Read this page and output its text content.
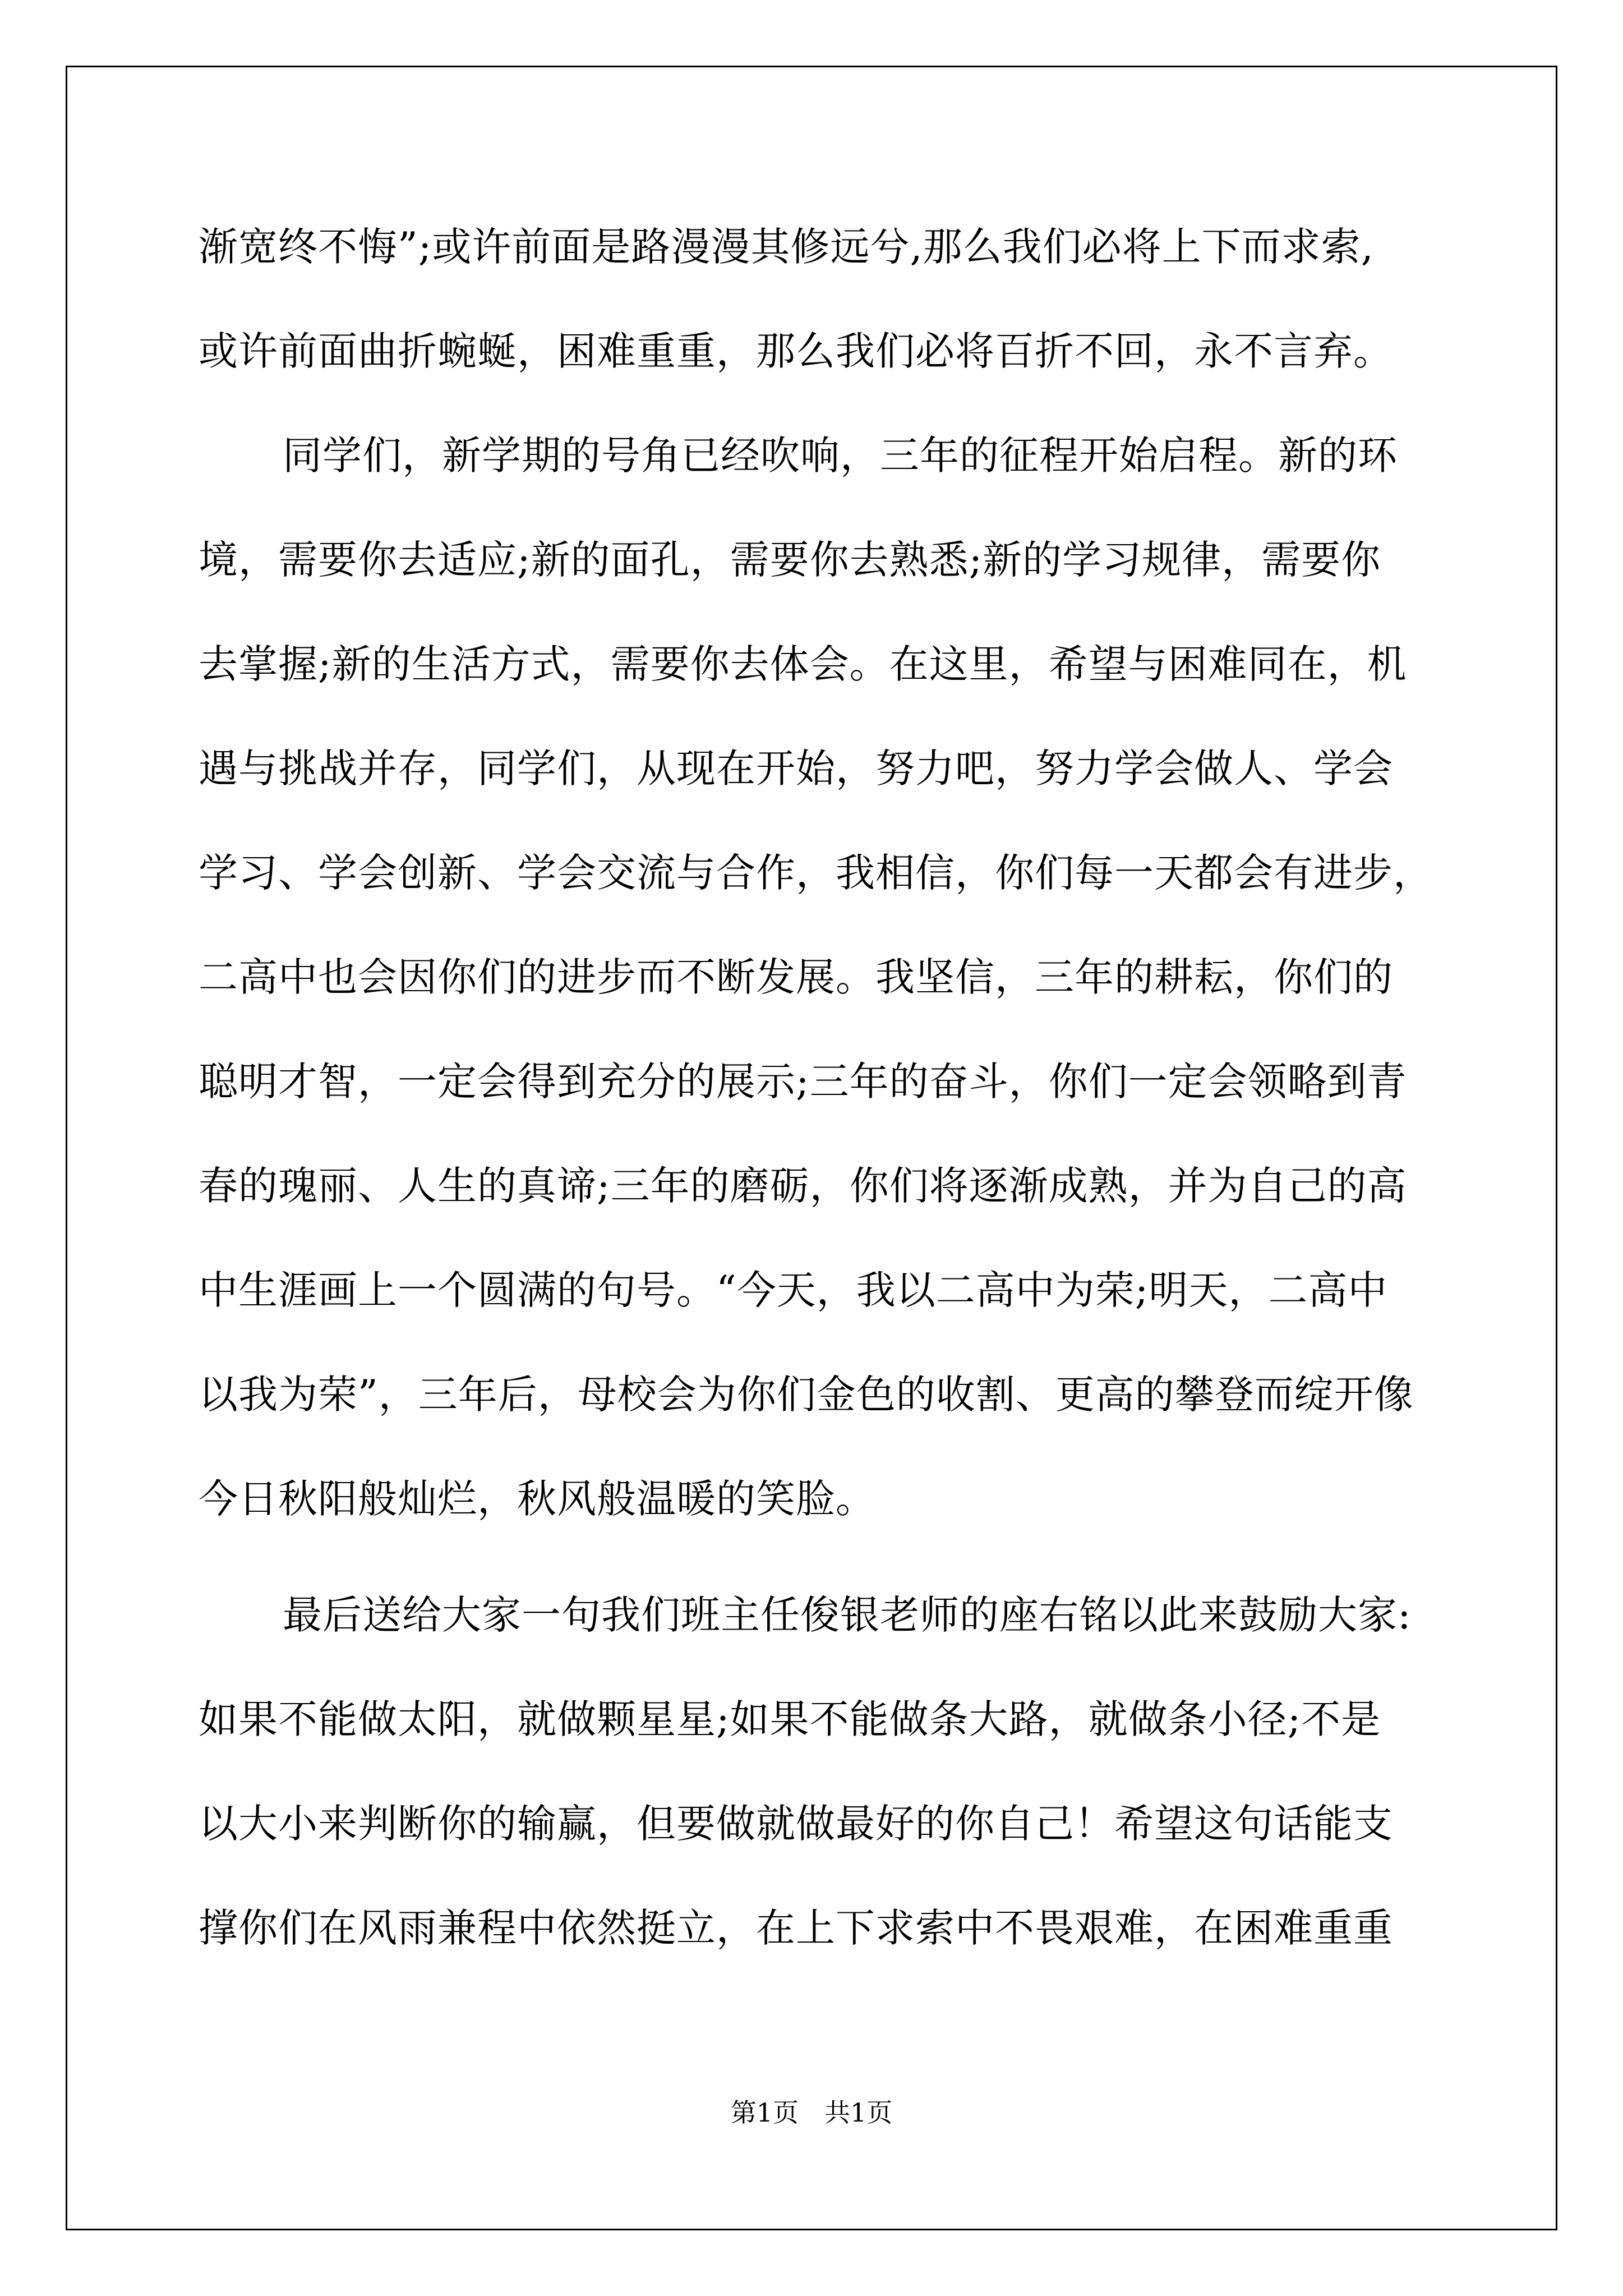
渐宽终不悔”;或许前面是路漫漫其修远兮,那么我们必将上下而求索,
或许前面曲折蜿蜒，困难重重，那么我们必将百折不回，永不言弃。
同学们，新学期的号角已经吹响，三年的征程开始启程。新的环
境，需要你去适应;新的面孔，需要你去熟悉;新的学习规律，需要你
去掌握;新的生活方式，需要你去体会。在这里，希望与困难同在，机
遇与挑战并存，同学们，从现在开始，努力吧，努力学会做人、学会
学习、学会创新、学会交流与合作，我相信，你们每一天都会有进步，
二高中也会因你们的进步而不断发展。我坚信，三年的耕耘，你们的
聪明才智，一定会得到充分的展示;三年的奋斗，你们一定会领略到青
春的瑰丽、人生的真谛;三年的磨砺，你们将逐渐成熟，并为自己的高
中生涯画上一个圆满的句号。“今天，我以二高中为荣;明天，二高中
以我为荣”，三年后，母校会为你们金色的收割、更高的攀登而绽开像
今日秋阳般灿烂，秋风般温暖的笑脸。
最后送给大家一句我们班主任俊银老师的座右铭以此来鼓励大家:
如果不能做太阳，就做颗星星;如果不能做条大路，就做条小径;不是
以大小来判断你的输赢，但要做就做最好的你自己！希望这句话能支
撑你们在风雨兼程中依然挺立，在上下求索中不畏艰难，在困难重重
第1页　共1页
